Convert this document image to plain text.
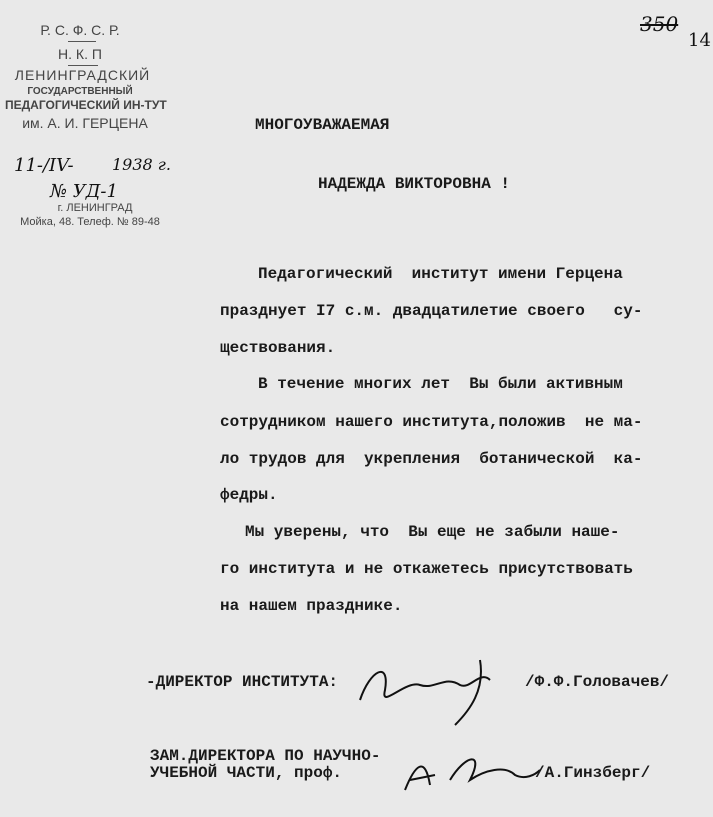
Р. С. Ф. С. Р.
Н. К. П
ЛЕНИНГРАДСКИЙ
ГОСУДАРСТВЕННЫЙ
ПЕДАГОГИЧЕСКИЙ ИН-ТУТ
им. А. И. ГЕРЦЕНА
11-/IV- 1938 г.
№ УД-1
г. ЛЕНИНГРАД
Мойка, 48. Телеф. № 89-48
350
14
МНОГОУВАЖАЕМАЯ
НАДЕЖДА ВИКТОРОВНА !
Педагогический  институт имени Герцена
празднует I7 с.м. двадцатилетие своего   су-
ществования.
В течение многих лет  Вы были активным
сотрудником нашего института,положив  не ма-
ло трудов для  укрепления  ботанической  ка-
федры.
Мы уверены, что  Вы еще не забыли наше-
го института и не откажетесь присутствовать
на нашем празднике.
-ДИРЕКТОР ИНСТИТУТА:	/Ф.Ф.Головачев/
ЗАМ.ДИРЕКТОРА ПО НАУЧНО-
УЧЕБНОЙ ЧАСТИ, проф.	/А.Гинзберг/
